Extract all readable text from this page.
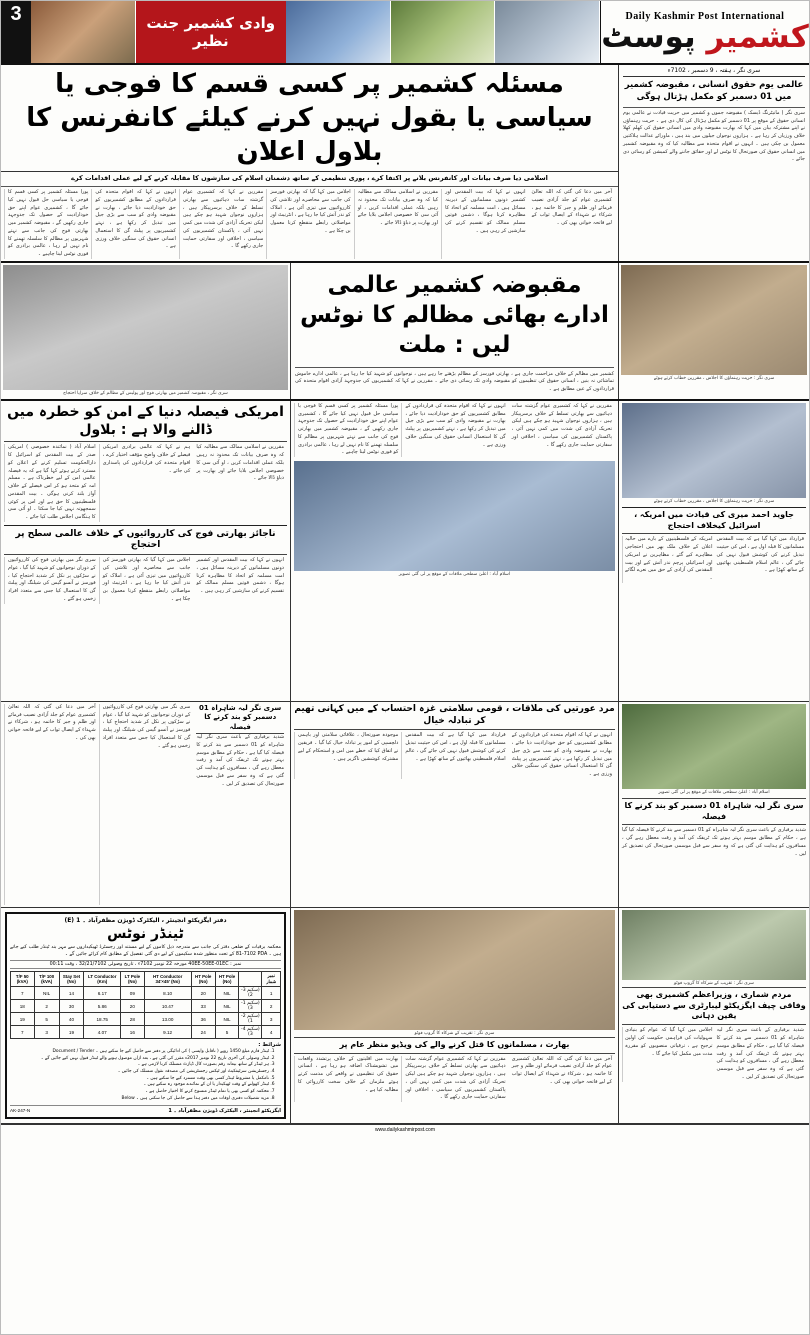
3	وادی کشمیر جنت نظیر
Daily Kashmir Post International
کشمیر پوسٹ
مسئلہ کشمیر پر کسی قسم کا فوجی یا سیاسی یا بقول نہیں کرنے کیلئے کانفرنس کا بلاول اعلان
اسلامی دیا صرف بیانات اور کانفرنس بلانے پر اکتفا کرے ، پوری تنظیمی کے ساتھ دشمنان اسلام کی سازشوں کا مقابلہ کرنے کے لیے عملی اقدامات کرے
پورا مسئلہ کشمیر پر کسی قسم کا فوجی یا سیاسی حل قبول نہیں کیا جائے گا ، کشمیری عوام اپنے حق خودارادیت کے حصول تک جدوجہد جاری رکھیں گے ، مقبوضہ کشمیر میں بھارتی فوج کی جانب سے نہتے شہریوں پر مظالم کا سلسلہ تھمنے کا نام نہیں لے رہا ، عالمی برادری کو فوری نوٹس لینا چاہیے ۔
انہوں نے کہا کہ اقوام متحدہ کی قراردادوں کے مطابق کشمیریوں کو حق خودارادیت دیا جائے ، بھارت نے مقبوضہ وادی کو سب سے بڑی جیل میں تبدیل کر رکھا ہے ، نہتے کشمیریوں پر پیلٹ گن کا استعمال انسانی حقوق کی سنگین خلاف ورزی ہے ۔
مقررین نے کہا کہ کشمیری عوام گزشتہ سات دہائیوں سے بھارتی تسلط کے خلاف برسرپیکار ہیں ، ہزاروں نوجوان شہید ہو چکے ہیں لیکن تحریک آزادی کی شدت میں کمی نہیں آئی ، پاکستان کشمیریوں کی سیاسی ، اخلاقی اور سفارتی حمایت جاری رکھے گا ۔
اجلاس میں کہا گیا کہ بھارتی فورسز کی جانب سے محاصرے اور تلاشی کی کارروائیوں میں تیزی آئی ہے ، املاک کو نذر آتش کیا جا رہا ہے ، انٹرنیٹ اور مواصلاتی رابطے منقطع کرنا معمول بن چکا ہے ۔
مقررین نے اسلامی ممالک سے مطالبہ کیا کہ وہ صرف بیانات تک محدود نہ رہیں بلکہ عملی اقدامات کریں ، او آئی سی کا خصوصی اجلاس بلایا جائے اور بھارت پر دباؤ ڈالا جائے ۔
انہوں نے کہا کہ بیت المقدس اور کشمیر دونوں مسلمانوں کے دیرینہ مسائل ہیں ، امت مسلمہ کو اتحاد کا مظاہرہ کرنا ہوگا ، دشمن قوتیں مسلم ممالک کو تقسیم کرنے کی سازشیں کر رہی ہیں ۔
آخر میں دعا کی گئی کہ اللہ تعالیٰ کشمیری عوام کو جلد آزادی نصیب فرمائے اور ظلم و جبر کا خاتمہ ہو ، شرکاء نے شہداء کے ایصال ثواب کے لیے فاتحہ خوانی بھی کی ۔
سری نگر ، ہفتہ ، 9 دسمبر ، 2017ء
عالمی یوم حقوق انسانی ، مقبوضہ کشمیر میں 10 دسمبر کو مکمل ہڑتال ہوگی
سری نگر ( مانیٹرنگ ڈیسک ) مقبوضہ جموں و کشمیر میں حریت قیادت نے عالمی یوم انسانی حقوق کے موقع پر 10 دسمبر کو مکمل ہڑتال کی کال دی ہے ۔ حریت رہنماؤں نے اپنے مشترکہ بیان میں کہا کہ بھارت مقبوضہ وادی میں انسانی حقوق کی کھلم کھلا خلاف ورزیاں کر رہا ہے ۔ ہزاروں نوجوان جیلوں میں بند ہیں ، ماورائے عدالت ہلاکتیں معمول بن چکی ہیں ۔ انہوں نے اقوام متحدہ سے مطالبہ کیا کہ وہ مقبوضہ کشمیر میں انسانی حقوق کی صورتحال کا نوٹس لے اور حقائق جاننے والے کمیشن کو رسائی دی جائے ۔
سری نگر ، مقبوضہ کشمیر میں بھارتی فوج اور پولیس کے مظالم کے خلاف سراپا احتجاج
مقبوضہ کشمیر عالمی ادارے بھائی مظالم کا نوٹس لیں : ملت
کشمیر میں مظالم کے خلاف مزاحمت جاری ہے ، بھارتی فورسز کے مظالم بڑھتے جا رہے ہیں ، نوجوانوں کو شہید کیا جا رہا ہے ، عالمی ادارے خاموش تماشائی نہ بنیں ، انسانی حقوق کی تنظیموں کو مقبوضہ وادی تک رسائی دی جائے ۔ مقررین نے کہا کہ کشمیریوں کی جدوجہد آزادی اقوام متحدہ کی قراردادوں کے عین مطابق ہے ۔
سری نگر : حریت رہنماؤں کا اجلاس ، مقررین خطاب کرتے ہوئے
امریکی فیصلہ دنیا کے امن کو خطرہ میں ڈالنے والا ہے : بلاول
اسلام آباد ( نمائندہ خصوصی ) امریکی صدر کے بیت المقدس کو اسرائیل کا دارالحکومت تسلیم کرنے کے اعلان کو مسترد کرتے ہوئے کہا گیا ہے کہ یہ فیصلہ عالمی امن کے لیے خطرناک ہے ۔ مسلم امہ کو متحد ہو کر اس فیصلے کے خلاف آواز بلند کرنی ہوگی ۔ بیت المقدس فلسطینیوں کا حق ہے اور اس پر کوئی سمجھوتہ نہیں کیا جا سکتا ۔ او آئی سی کا ہنگامی اجلاس طلب کیا جائے ۔
ہم نے کہا کہ عالمی برادری امریکی فیصلے کے خلاف واضح مؤقف اختیار کرے ، اقوام متحدہ کی قراردادوں کی پاسداری کی جائے ۔
مقررین نے اسلامی ممالک سے مطالبہ کیا کہ وہ صرف بیانات تک محدود نہ رہیں بلکہ عملی اقدامات کریں ، او آئی سی کا خصوصی اجلاس بلایا جائے اور بھارت پر دباؤ ڈالا جائے ۔
ناجائز بھارتی فوج کی کارروائیوں کے خلاف عالمی سطح پر احتجاج
سری نگر میں بھارتی فوج کی کارروائیوں کے دوران نوجوانوں کو شہید کیا گیا ، عوام نے سڑکوں پر نکل کر شدید احتجاج کیا ، فورسز نے آنسو گیس کی شیلنگ اور پیلٹ گن کا استعمال کیا جس سے متعدد افراد زخمی ہو گئے ۔
اجلاس میں کہا گیا کہ بھارتی فورسز کی جانب سے محاصرے اور تلاشی کی کارروائیوں میں تیزی آئی ہے ، املاک کو نذر آتش کیا جا رہا ہے ، انٹرنیٹ اور مواصلاتی رابطے منقطع کرنا معمول بن چکا ہے ۔
انہوں نے کہا کہ بیت المقدس اور کشمیر دونوں مسلمانوں کے دیرینہ مسائل ہیں ، امت مسلمہ کو اتحاد کا مظاہرہ کرنا ہوگا ، دشمن قوتیں مسلم ممالک کو تقسیم کرنے کی سازشیں کر رہی ہیں ۔
پورا مسئلہ کشمیر پر کسی قسم کا فوجی یا سیاسی حل قبول نہیں کیا جائے گا ، کشمیری عوام اپنے حق خودارادیت کے حصول تک جدوجہد جاری رکھیں گے ، مقبوضہ کشمیر میں بھارتی فوج کی جانب سے نہتے شہریوں پر مظالم کا سلسلہ تھمنے کا نام نہیں لے رہا ، عالمی برادری کو فوری نوٹس لینا چاہیے ۔
انہوں نے کہا کہ اقوام متحدہ کی قراردادوں کے مطابق کشمیریوں کو حق خودارادیت دیا جائے ، بھارت نے مقبوضہ وادی کو سب سے بڑی جیل میں تبدیل کر رکھا ہے ، نہتے کشمیریوں پر پیلٹ گن کا استعمال انسانی حقوق کی سنگین خلاف ورزی ہے ۔
مقررین نے کہا کہ کشمیری عوام گزشتہ سات دہائیوں سے بھارتی تسلط کے خلاف برسرپیکار ہیں ، ہزاروں نوجوان شہید ہو چکے ہیں لیکن تحریک آزادی کی شدت میں کمی نہیں آئی ، پاکستان کشمیریوں کی سیاسی ، اخلاقی اور سفارتی حمایت جاری رکھے گا ۔
اسلام آباد : اعلیٰ سطحی ملاقات کے موقع پر لی گئی تصویر
سری نگر : حریت رہنماؤں کا اجلاس ، مقررین خطاب کرتے ہوئے
جاوید احمد میری کی قیادت میں امریکہ ، اسرائیل کیخلاف احتجاج
امریکہ کے فلسطینیوں کے بارے میں حالیہ اعلان کے خلاف ملک بھر میں احتجاجی مظاہرے کیے گئے ، مظاہرین نے امریکی اور اسرائیلی پرچم نذر آتش کیے اور بیت المقدس کی آزادی کے حق میں نعرے لگائے ۔
قرارداد میں کہا گیا ہے کہ بیت المقدس مسلمانوں کا قبلہ اول ہے ، اس کی حیثیت تبدیل کرنے کی کوشش قبول نہیں کی جائے گی ، عالم اسلام فلسطینی بھائیوں کے ساتھ کھڑا ہے ۔
آخر میں دعا کی گئی کہ اللہ تعالیٰ کشمیری عوام کو جلد آزادی نصیب فرمائے اور ظلم و جبر کا خاتمہ ہو ، شرکاء نے شہداء کے ایصال ثواب کے لیے فاتحہ خوانی بھی کی ۔
سری نگر میں بھارتی فوج کی کارروائیوں کے دوران نوجوانوں کو شہید کیا گیا ، عوام نے سڑکوں پر نکل کر شدید احتجاج کیا ، فورسز نے آنسو گیس کی شیلنگ اور پیلٹ گن کا استعمال کیا جس سے متعدد افراد زخمی ہو گئے ۔
سری نگر لیہ شاہراہ 10 دسمبر کو بند کرنے کا فیصلہ
شدید برفباری کے باعث سری نگر لیہ شاہراہ کو 10 دسمبر سے بند کرنے کا فیصلہ کیا گیا ہے ، حکام کے مطابق موسم بہتر ہونے تک ٹریفک کی آمد و رفت معطل رہے گی ، مسافروں کو ہدایت کی گئی ہے کہ وہ سفر سے قبل موسمی صورتحال کی تصدیق کر لیں ۔
مرد عورتیں کی ملاقات ، قومی سلامتی غزہ احتساب کے میں کہانی تھیم کر تبادلہ خیال
موجودہ صورتحال ، علاقائی سلامتی اور باہمی دلچسپی کے امور پر تبادلہ خیال کیا گیا ۔ فریقین نے اتفاق کیا کہ خطے میں امن و استحکام کے لیے مشترکہ کوششیں ناگزیر ہیں ۔
قرارداد میں کہا گیا ہے کہ بیت المقدس مسلمانوں کا قبلہ اول ہے ، اس کی حیثیت تبدیل کرنے کی کوشش قبول نہیں کی جائے گی ، عالم اسلام فلسطینی بھائیوں کے ساتھ کھڑا ہے ۔
انہوں نے کہا کہ اقوام متحدہ کی قراردادوں کے مطابق کشمیریوں کو حق خودارادیت دیا جائے ، بھارت نے مقبوضہ وادی کو سب سے بڑی جیل میں تبدیل کر رکھا ہے ، نہتے کشمیریوں پر پیلٹ گن کا استعمال انسانی حقوق کی سنگین خلاف ورزی ہے ۔
اسلام آباد : اعلیٰ سطحی ملاقات کے موقع پر لی گئی تصویر
سری نگر لیہ شاہراہ 10 دسمبر کو بند کرنے کا فیصلہ
شدید برفباری کے باعث سری نگر لیہ شاہراہ کو 10 دسمبر سے بند کرنے کا فیصلہ کیا گیا ہے ، حکام کے مطابق موسم بہتر ہونے تک ٹریفک کی آمد و رفت معطل رہے گی ، مسافروں کو ہدایت کی گئی ہے کہ وہ سفر سے قبل موسمی صورتحال کی تصدیق کر لیں ۔
دفتر ایگزیکٹو انجینئر ، الیکٹرک ڈویژن مظفرآباد ۔ 1 (E)
ٹینڈر نوٹس
محکمہ برقیات کے ضلعی دفتر کی جانب سے مندرجہ ذیل کاموں کے لیے مستند اور رجسٹرڈ ٹھیکیداروں سے مہر بند ٹینڈر طلب کیے جاتے ہیں ۔ ADP 2017-18 کے تحت منظور شدہ سکیموں کے لیے دی گئی تفصیل کے مطابق کام کرائے جائیں گے ۔
نمبر : CE10-EE05-EE04 مورخہ 22 نومبر 2017ء ، تاریخ وصولی 2017/12/23 ، وقت 11:00
T/F 50 (kVA)	T/F 100 (kVA)	Stay Set (No)	LT Conductor (Km)	LT Pole (No)	HT Conductor 34'×45' (No)	HT Pole (No)	HT Pole (No)		نمبر شمار
7	NIL	14	6.17	09	8.10	20	NIL	(سکیم 3-2)	1
18	2	30	5.86	20	10.47	33	NIL	(سکیم 1-3)	2
19	5	40	18.75	28	13.00	36	NIL	(سکیم 2-1)	3
7	3	19	4.07	16	9.12	24	5	(سکیم 4-3)	4
شرائط :
1. ٹینڈر فارم مبلغ 1450 روپے ( ناقابل واپسی ) کی ادائیگی پر دفتر سے حاصل کیے جا سکتے ہیں ۔ Document / Tender
2. ٹینڈر وصولی کی آخری تاریخ 22 نومبر 2017ء مقرر کی گئی ہے ، بعد ازاں موصول ہونے والے ٹینڈر قبول نہیں کیے جائیں گے ۔
3. ہر ٹینڈر کے ساتھ بیعانہ رقم بصورت کال ڈپازٹ منسلک کرنا لازمی ہے ۔
4. رجسٹریشن سرٹیفکیٹ اور ٹیکس رجسٹریشن کی مصدقہ نقول منسلک کی جائیں ۔
5. نامکمل یا مشروط ٹینڈر کسی بھی وقت مسترد کیے جا سکتے ہیں ۔
6. ٹینڈر کھولنے کے وقت ٹھیکیدار یا ان کے نمائندے موجود رہ سکتے ہیں ۔
7. محکمہ کو کسی بھی یا تمام ٹینڈر منسوخ کرنے کا اختیار حاصل ہے ۔
8. مزید تفصیلات دفتری اوقات میں دفتر ہذا سے حاصل کی جا سکتی ہیں ۔ Below
AK-247-N	ایگزیکٹو انجینئر ، الیکٹرک ڈویژن مظفرآباد ۔ 1
سری نگر : تقریب کے شرکاء کا گروپ فوٹو
بھارت ، مسلمانوں کا قتل کرنے والے کی ویڈیو منظر عام پر
بھارت میں اقلیتوں کے خلاف پرتشدد واقعات میں تشویشناک اضافہ ہو رہا ہے ، انسانی حقوق کی تنظیموں نے واقعے کی مذمت کرتے ہوئے ملزمان کے خلاف سخت کارروائی کا مطالبہ کیا ہے ۔
مقررین نے کہا کہ کشمیری عوام گزشتہ سات دہائیوں سے بھارتی تسلط کے خلاف برسرپیکار ہیں ، ہزاروں نوجوان شہید ہو چکے ہیں لیکن تحریک آزادی کی شدت میں کمی نہیں آئی ، پاکستان کشمیریوں کی سیاسی ، اخلاقی اور سفارتی حمایت جاری رکھے گا ۔
آخر میں دعا کی گئی کہ اللہ تعالیٰ کشمیری عوام کو جلد آزادی نصیب فرمائے اور ظلم و جبر کا خاتمہ ہو ، شرکاء نے شہداء کے ایصال ثواب کے لیے فاتحہ خوانی بھی کی ۔
سری نگر : تقریب کے شرکاء کا گروپ فوٹو
مردم شماری ، وزیراعظم کشمیری بھی وفاقی چیف ایگزیکٹو لیبارٹری سے دستیابی کی یقین دہانی
اجلاس میں کہا گیا کہ عوام کو بنیادی سہولیات کی فراہمی حکومت کی اولین ترجیح ہے ، ترقیاتی منصوبوں کو مقررہ مدت میں مکمل کیا جائے گا ۔
شدید برفباری کے باعث سری نگر لیہ شاہراہ کو 10 دسمبر سے بند کرنے کا فیصلہ کیا گیا ہے ، حکام کے مطابق موسم بہتر ہونے تک ٹریفک کی آمد و رفت معطل رہے گی ، مسافروں کو ہدایت کی گئی ہے کہ وہ سفر سے قبل موسمی صورتحال کی تصدیق کر لیں ۔
www.dailykashmirpost.com
